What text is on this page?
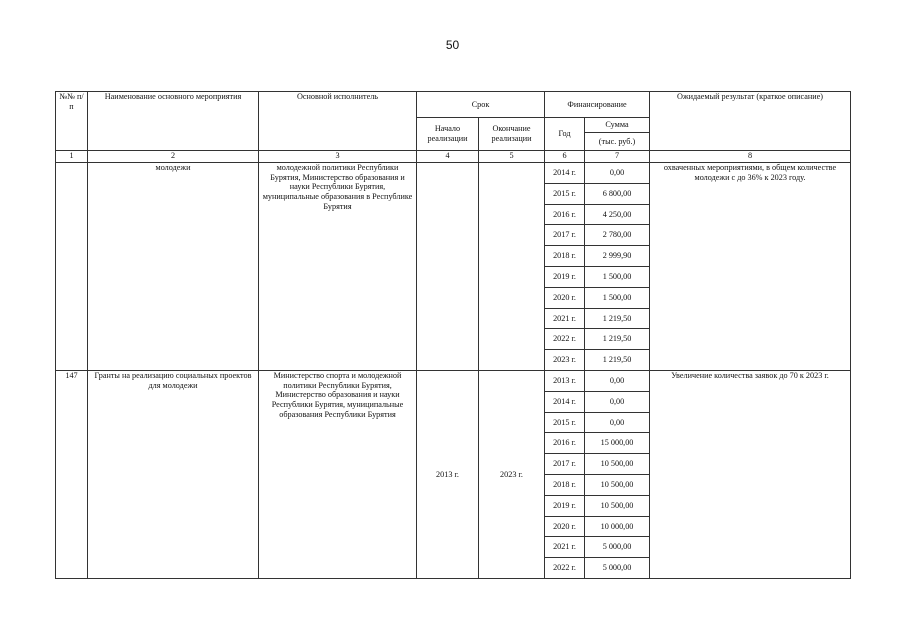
50
№№ п/п	Наименование основного мероприятия	Основной исполнитель	Срок		Финансирование		Ожидаемый результат (краткое описание)
			Начало реализации	Окончание реализации	Год	Сумма	
						(тыс. руб.)	
1	2	3	4	5	6	7	8
	молодежи	молодежной политики Республики Бурятия, Министерство образования и науки Республики Бурятия, муниципальные образования в Республике Бурятия			2014 г.	0,00	охваченных мероприятиями, в общем количестве молодежи с до 36% к 2023 году.
					2015 г.	6 800,00	
					2016 г.	4 250,00	
					2017 г.	2 780,00	
					2018 г.	2 999,90	
					2019 г.	1 500,00	
					2020 г.	1 500,00	
					2021 г.	1 219,50	
					2022 г.	1 219,50	
					2023 г.	1 219,50	
147	Гранты на реализацию социальных проектов для молодежи	Министерство спорта и молодежной политики Республики Бурятия, Министерство образования и науки Республики Бурятия, муниципальные образования Республики Бурятия	2013 г.	2023 г.	2013 г.	0,00	Увеличение количества заявок до 70 к 2023 г.
					2014 г.	0,00	
					2015 г.	0,00	
					2016 г.	15 000,00	
					2017 г.	10 500,00	
					2018 г.	10 500,00	
					2019 г.	10 500,00	
					2020 г.	10 000,00	
					2021 г.	5 000,00	
					2022 г.	5 000,00	
